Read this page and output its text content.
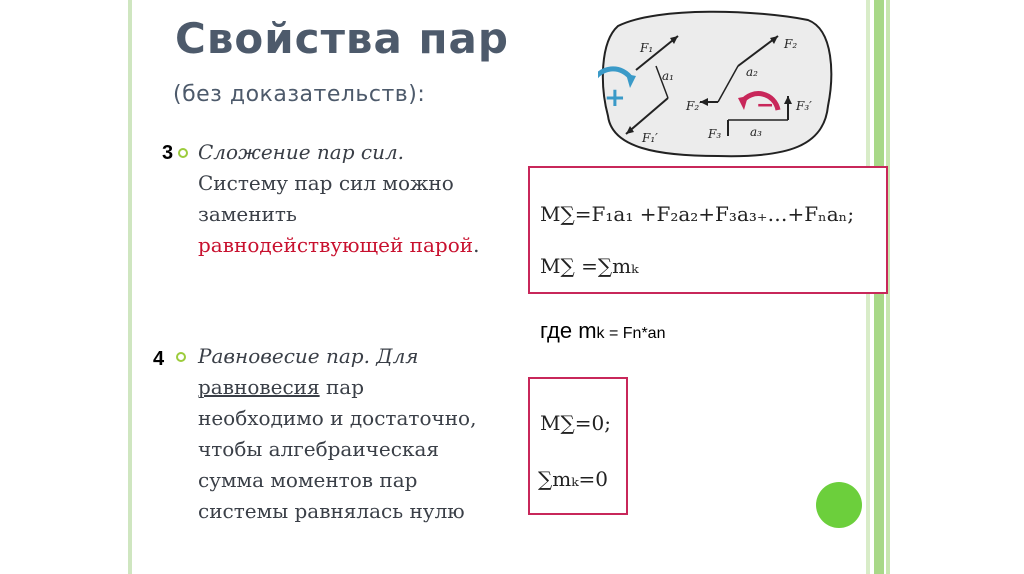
Свойства пар
(без доказательств):	+	−
F₁
a₁
F₁′
F₂
a₂
F₂′
F₃ a₃
F₃′
3 Сложение пар сил.
Систему пар сил можно
заменить
равнодействующей парой.
M∑=F₁a₁ +F₂a₂+F₃a₃₊…+Fₙaₙ;
M∑ =∑mₖ
где mk = Fn*an
4 Равновесие пар. Для
равновесия пар
необходимо и достаточно,
чтобы алгебраическая
сумма моментов пар
системы равнялась нулю
M∑=0;
∑mₖ=0
